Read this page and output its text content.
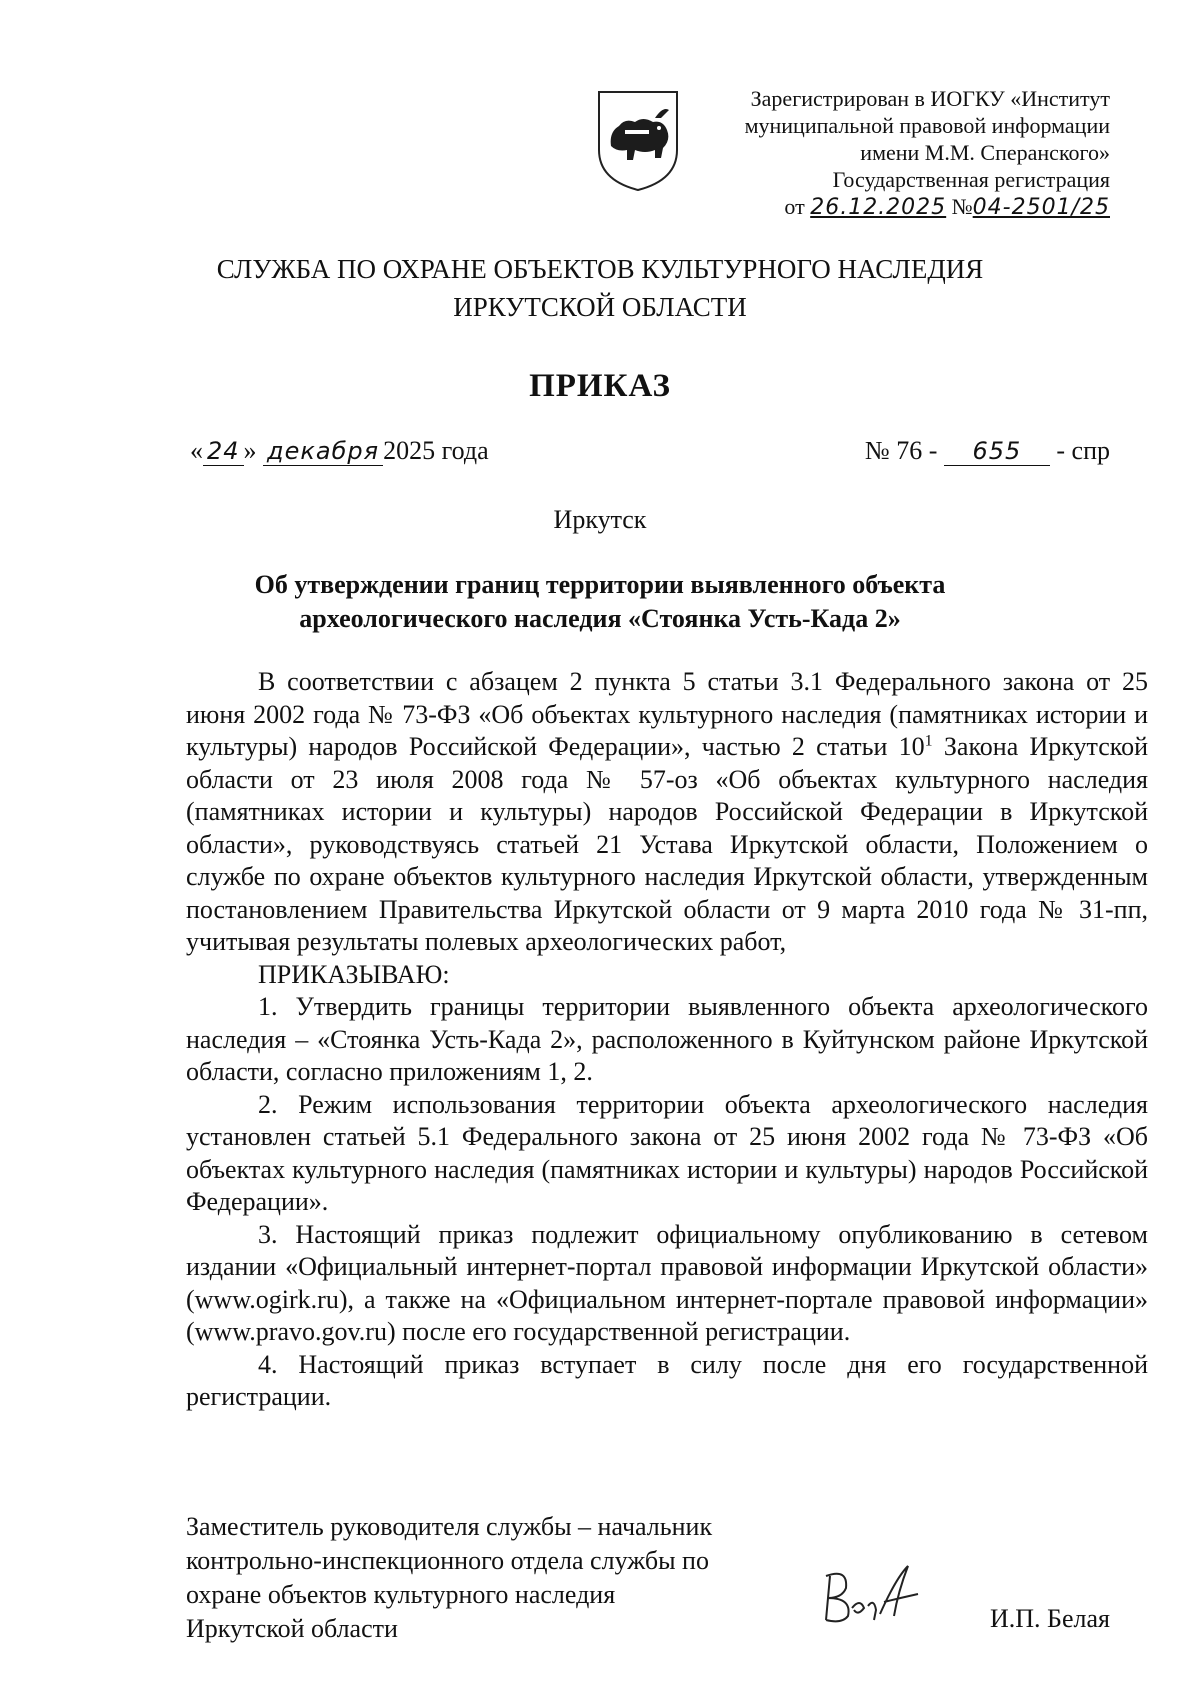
Зарегистрирован в ИОГКУ «Институт
муниципальной правовой информации
имени М.М. Сперанского»
Государственная регистрация
от 26.12.2025 №04-2501/25
СЛУЖБА ПО ОХРАНЕ ОБЪЕКТОВ КУЛЬТУРНОГО НАСЛЕДИЯ
ИРКУТСКОЙ ОБЛАСТИ
ПРИКАЗ
« 24 » декабря 2025 года	№ 76 - 655 - спр
Иркутск
Об утверждении границ территории выявленного объекта
археологического наследия «Стоянка Усть-Када 2»

В соответствии с абзацем 2 пункта 5 статьи 3.1 Федерального закона от 25 июня 2002 года № 73-ФЗ «Об объектах культурного наследия (памятниках истории и культуры) народов Российской Федерации», частью 2 статьи $10^1$ Закона Иркутской области от 23 июля 2008 года № 57-оз «Об объектах культурного наследия (памятниках истории и культуры) народов Российской Федерации в Иркутской области», руководствуясь статьей 21 Устава Иркутской области, Положением о службе по охране объектов культурного наследия Иркутской области, утвержденным постановлением Правительства Иркутской области от 9 марта 2010 года № 31-пп, учитывая результаты полевых археологических работ,

ПРИКАЗЫВАЮ:

1. Утвердить границы территории выявленного объекта археологического наследия – «Стоянка Усть-Када 2», расположенного в Куйтунском районе Иркутской области, согласно приложениям 1, 2.

2. Режим использования территории объекта археологического наследия установлен статьей 5.1 Федерального закона от 25 июня 2002 года № 73-ФЗ «Об объектах культурного наследия (памятниках истории и культуры) народов Российской Федерации».

3. Настоящий приказ подлежит официальному опубликованию в сетевом издании «Официальный интернет-портал правовой информации Иркутской области» (www.ogirk.ru), а также на «Официальном интернет-портале правовой информации» (www.pravo.gov.ru) после его государственной регистрации.

4. Настоящий приказ вступает в силу после дня его государственной регистрации.

Заместитель руководителя службы – начальник
контрольно-инспекционного отдела службы по
охране объектов культурного наследия
Иркутской области	И.П. Белая
